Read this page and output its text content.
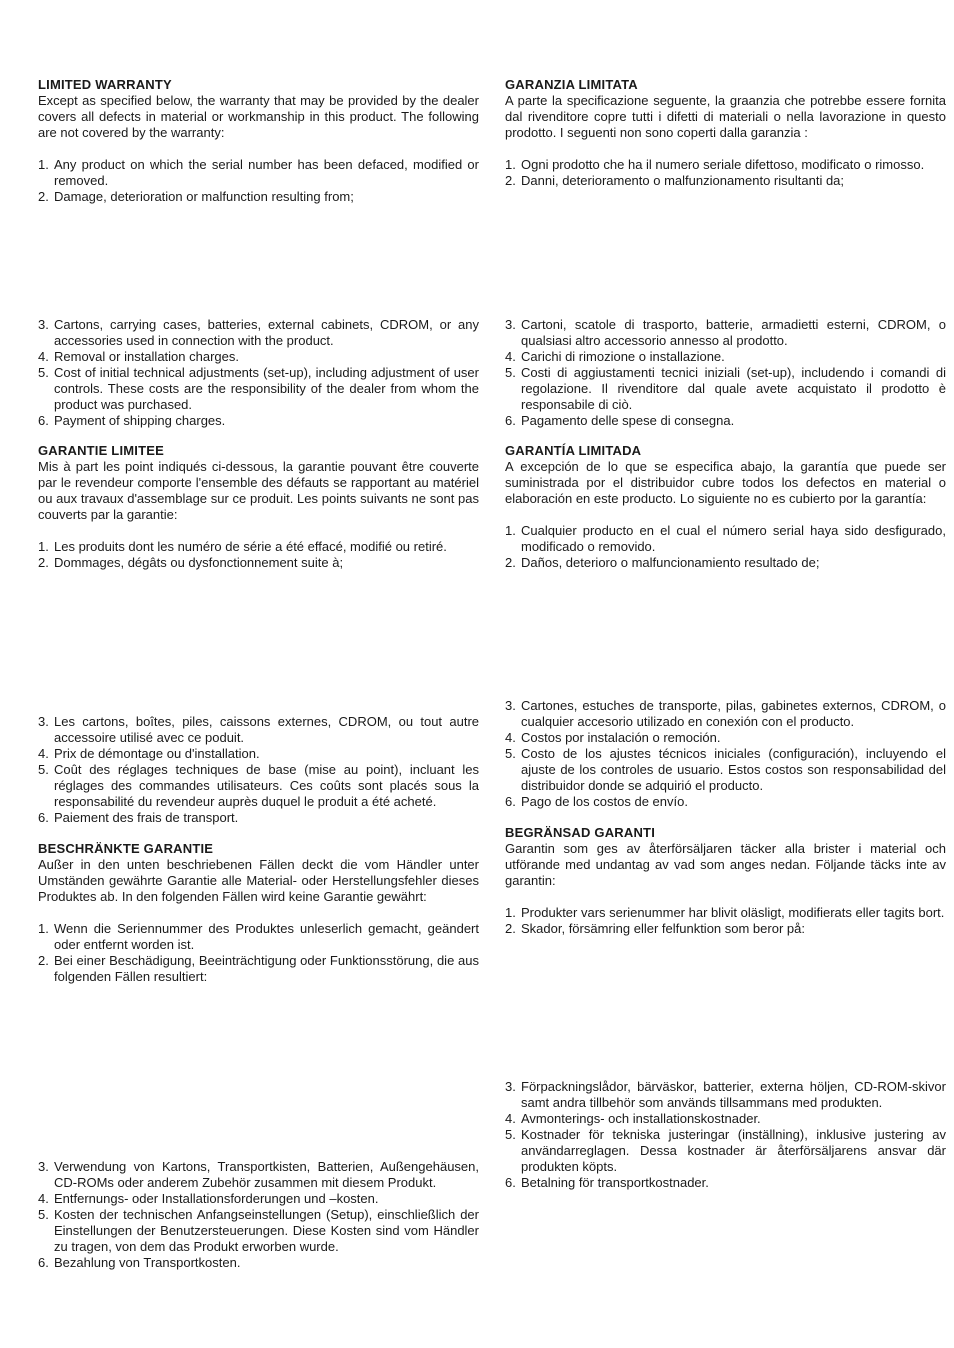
LIMITED WARRANTY

Except as specified below, the warranty that may be provided by the dealer covers all defects in material or workmanship in this product. The following are not covered by the warranty:

1. Any product on which the serial number has been defaced, modified or removed.
2. Damage, deterioration or malfunction resulting from;
3. Cartons, carrying cases, batteries, external cabinets, CDROM, or any accessories used in connection with the product.
4. Removal or installation charges.
5. Cost of initial technical adjustments (set-up), including adjustment of user controls. These costs are the responsibility of the dealer from whom the product was purchased.
6. Payment of shipping charges.
GARANZIA LIMITATA

A parte la specificazione seguente, la graanzia che potrebbe essere fornita dal rivenditore copre tutti i difetti di materiali o nella lavorazione in questo prodotto. I seguenti non sono coperti dalla garanzia :

1. Ogni prodotto che ha il numero seriale difettoso, modificato o rimosso.
2. Danni, deterioramento o malfunzionamento risultanti da;
3. Cartoni, scatole di trasporto, batterie, armadietti esterni, CDROM, o qualsiasi altro accessorio annesso al prodotto.
4. Carichi di rimozione o installazione.
5. Costi di aggiustamenti tecnici iniziali (set-up), includendo i comandi di regolazione. Il rivenditore dal quale avete acquistato il prodotto è responsabile di ciò.
6. Pagamento delle spese di consegna.
GARANTIE LIMITEE

Mis à part les point indiqués ci-dessous, la garantie pouvant être couverte par le revendeur comporte l'ensemble des défauts se rapportant au matériel ou aux travaux d'assemblage sur ce produit. Les points suivants ne sont pas couverts par la garantie:

1. Les produits dont les numéro de série a été effacé, modifié ou retiré.
2. Dommages, dégâts ou dysfonctionnement suite à;
3. Les cartons, boîtes, piles, caissons externes, CDROM, ou tout autre accessoire utilisé avec ce poduit.
4. Prix de démontage ou d'installation.
5. Coût des réglages techniques de base (mise au point), incluant les réglages des commandes utilisateurs. Ces coûts sont placés sous la responsabilité du revendeur auprès duquel le produit a été acheté.
6. Paiement des frais de transport.
GARANTÍA LIMITADA

A excepción de lo que se especifica abajo, la garantía que puede ser suministrada por el distribuidor cubre todos los defectos en material o elaboración en este producto. Lo siguiente no es cubierto por la garantía:

1. Cualquier producto en el cual el número serial haya sido desfigurado, modificado o removido.
2. Daños, deterioro o malfuncionamiento resultado de;
3. Cartones, estuches de transporte, pilas, gabinetes externos, CDROM, o cualquier accesorio utilizado en conexión con el producto.
4. Costos por instalación o remoción.
5. Costo de los ajustes técnicos iniciales (configuración), incluyendo el ajuste de los controles de usuario. Estos costos son responsabilidad del distribuidor donde se adquirió el producto.
6. Pago de los costos de envío.
BESCHRÄNKTE GARANTIE

Außer in den unten beschriebenen Fällen deckt die vom Händler unter Umständen gewährte Garantie alle Material- oder Herstellungsfehler dieses Produktes ab. In den folgenden Fällen wird keine Garantie gewährt:

1. Wenn die Seriennummer des Produktes unleserlich gemacht, geändert oder entfernt worden ist.
2. Bei einer Beschädigung, Beeinträchtigung oder Funktionsstörung, die aus folgenden Fällen resultiert:
3. Verwendung von Kartons, Transportkisten, Batterien, Außengehäusen, CD-ROMs oder anderem Zubehör zusammen mit diesem Produkt.
4. Entfernungs- oder Installationsforderungen und –kosten.
5. Kosten der technischen Anfangseinstellungen (Setup), einschließlich der Einstellungen der Benutzersteuerungen. Diese Kosten sind vom Händler zu tragen, von dem das Produkt erworben wurde.
6. Bezahlung von Transportkosten.
BEGRÄNSAD GARANTI

Garantin som ges av återförsäljaren täcker alla brister i material och utförande med undantag av vad som anges nedan. Följande täcks inte av garantin:

1. Produkter vars serienummer har blivit oläsligt, modifierats eller tagits bort.
2. Skador, försämring eller felfunktion som beror på:
3. Förpackningslådor, bärväskor, batterier, externa höljen, CD-ROM-skivor samt andra tillbehör som används tillsammans med produkten.
4. Avmonterings- och installationskostnader.
5. Kostnader för tekniska justeringar (inställning), inklusive justering av användarreglagen. Dessa kostnader är återförsäljarens ansvar där produkten köpts.
6. Betalning för transportkostnader.
